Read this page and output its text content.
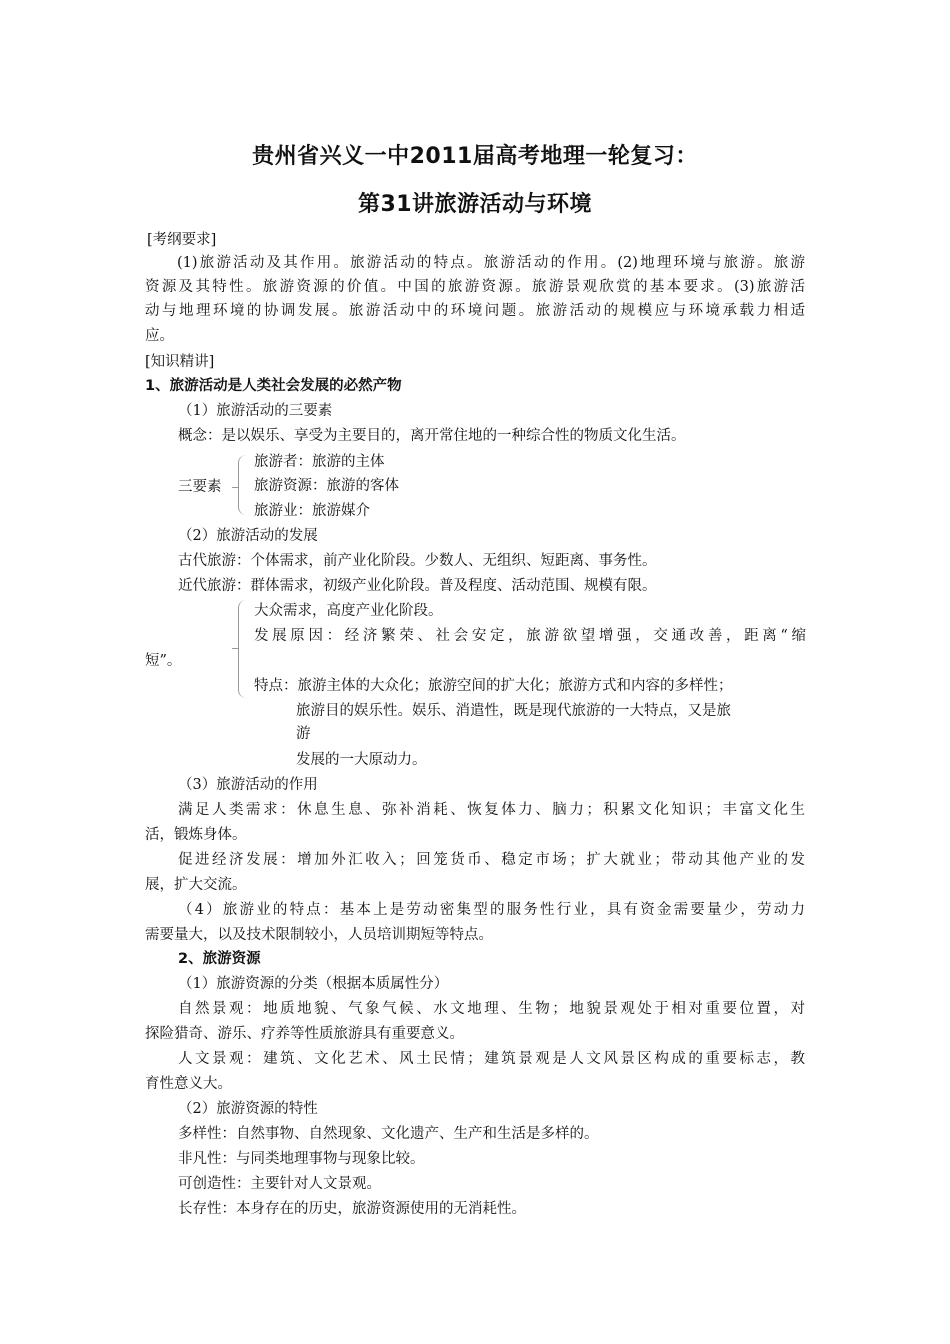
贵州省兴义一中2011届高考地理一轮复习：
第31讲旅游活动与环境
[考纲要求]
(1)旅游活动及其作用。旅游活动的特点。旅游活动的作用。(2)地理环境与旅游。旅游
资源及其特性。旅游资源的价值。中国的旅游资源。旅游景观欣赏的基本要求。(3)旅游活
动与地理环境的协调发展。旅游活动中的环境问题。旅游活动的规模应与环境承载力相适
应。
[知识精讲]
1、旅游活动是人类社会发展的必然产物
（1）旅游活动的三要素
概念：是以娱乐、享受为主要目的，离开常住地的一种综合性的物质文化生活。
三要素
旅游者：旅游的主体
旅游资源：旅游的客体
旅游业：旅游媒介
（2）旅游活动的发展
古代旅游：个体需求，前产业化阶段。少数人、无组织、短距离、事务性。
近代旅游：群体需求，初级产业化阶段。普及程度、活动范围、规模有限。
大众需求，高度产业化阶段。
发展原因：经济繁荣、社会安定，旅游欲望增强，交通改善，距离“缩
短”。
特点：旅游主体的大众化；旅游空间的扩大化；旅游方式和内容的多样性；
旅游目的娱乐性。娱乐、消遣性，既是现代旅游的一大特点，又是旅
游
发展的一大原动力。
（3）旅游活动的作用
满足人类需求：休息生息、弥补消耗、恢复体力、脑力；积累文化知识；丰富文化生
活，锻炼身体。
促进经济发展：增加外汇收入；回笼货币、稳定市场；扩大就业；带动其他产业的发
展，扩大交流。
（4）旅游业的特点：基本上是劳动密集型的服务性行业，具有资金需要量少，劳动力
需要量大，以及技术限制较小，人员培训期短等特点。
2、旅游资源
（1）旅游资源的分类（根据本质属性分）
自然景观：地质地貌、气象气候、水文地理、生物；地貌景观处于相对重要位置，对
探险猎奇、游乐、疗养等性质旅游具有重要意义。
人文景观：建筑、文化艺术、风土民情；建筑景观是人文风景区构成的重要标志，教
育性意义大。
（2）旅游资源的特性
多样性：自然事物、自然现象、文化遗产、生产和生活是多样的。
非凡性：与同类地理事物与现象比较。
可创造性：主要针对人文景观。
长存性：本身存在的历史，旅游资源使用的无消耗性。
